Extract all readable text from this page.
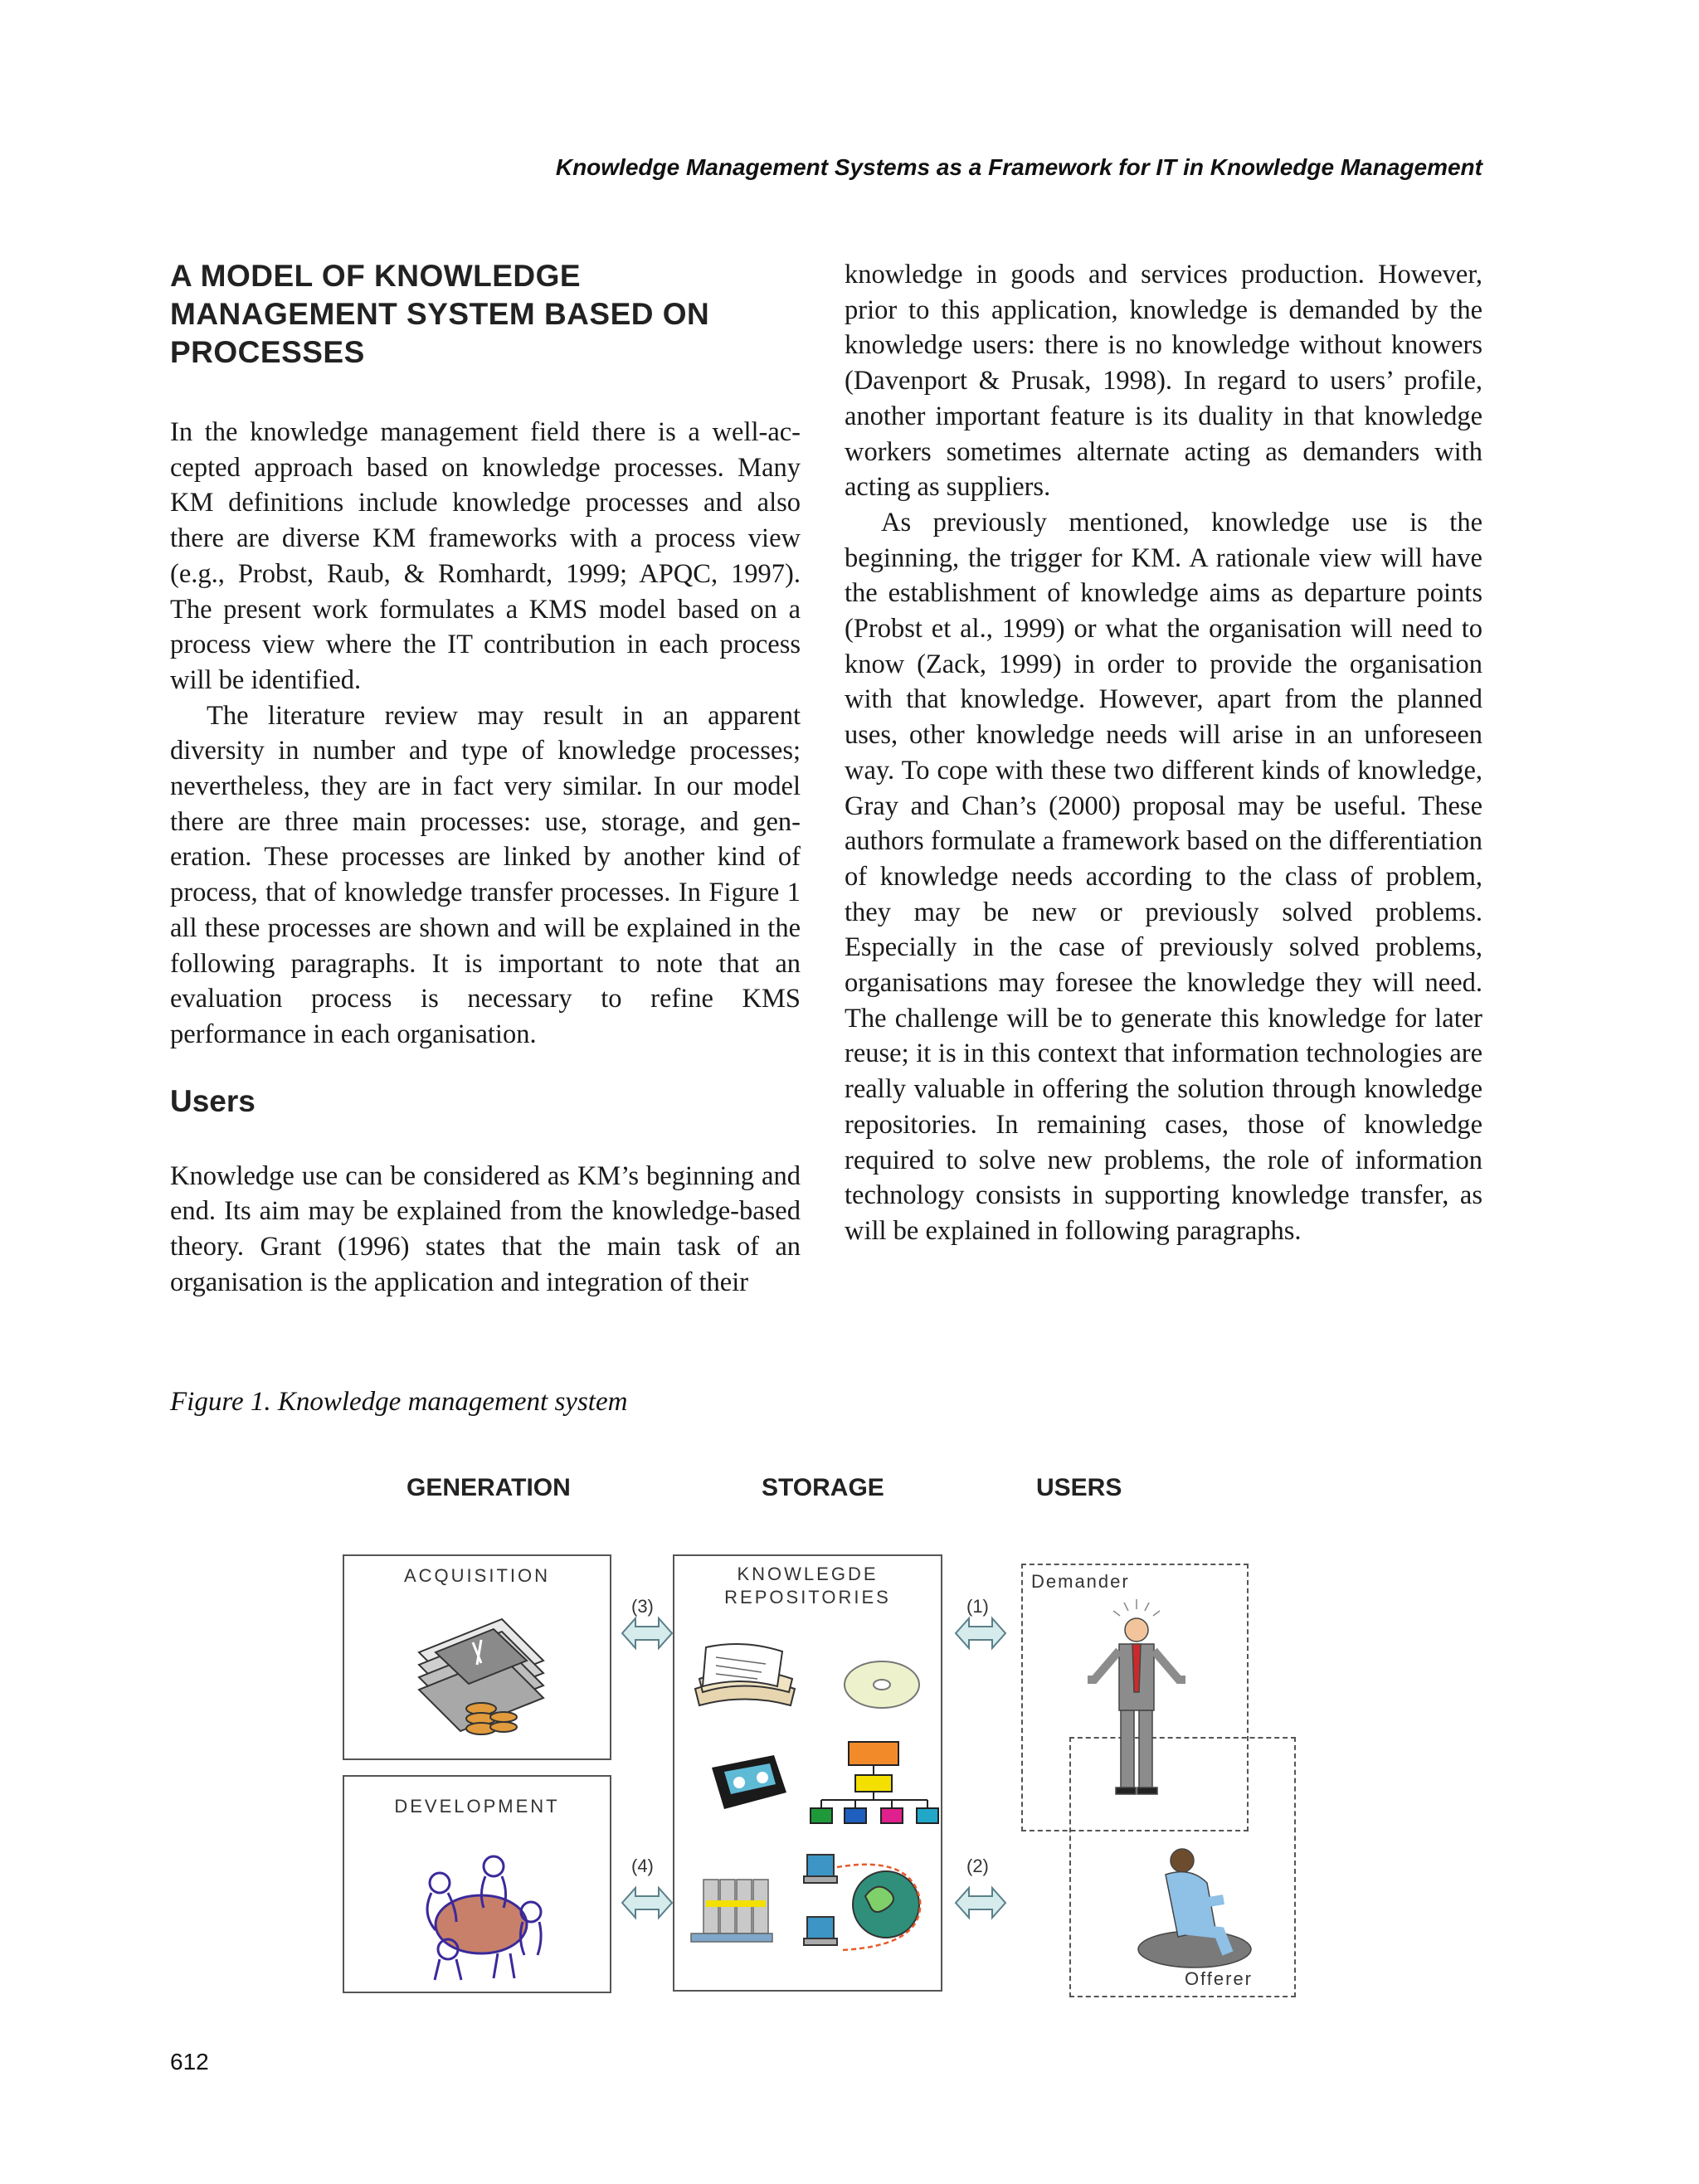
Knowledge Management Systems as a Framework for IT in Knowledge Management

A MODEL OF KNOWLEDGE MANAGEMENT SYSTEM BASED ON PROCESSES

In the knowledge management field there is a well-accepted approach based on knowledge processes. Many KM definitions include knowledge processes and also there are diverse KM frameworks with a process view (e.g., Probst, Raub, & Romhardt, 1999; APQC, 1997). The present work formulates a KMS model based on a process view where the IT contribution in each process will be identified.

The literature review may result in an apparent diversity in number and type of knowledge processes; nevertheless, they are in fact very similar. In our model there are three main processes: use, storage, and generation. These processes are linked by another kind of process, that of knowledge transfer processes. In Figure 1 all these processes are shown and will be explained in the following paragraphs. It is important to note that an evaluation process is necessary to refine KMS performance in each organisation.

Users

Knowledge use can be considered as KM’s beginning and end. Its aim may be explained from the knowledge-based theory. Grant (1996) states that the main task of an organisation is the application and integration of their

knowledge in goods and services production. However, prior to this application, knowledge is demanded by the knowledge users: there is no knowledge without knowers (Davenport & Prusak, 1998). In regard to users’ profile, another important feature is its duality in that knowledge workers sometimes alternate acting as demanders with acting as suppliers.

As previously mentioned, knowledge use is the beginning, the trigger for KM. A rationale view will have the establishment of knowledge aims as departure points (Probst et al., 1999) or what the organisation will need to know (Zack, 1999) in order to provide the organisation with that knowledge. However, apart from the planned uses, other knowledge needs will arise in an unforeseen way. To cope with these two different kinds of knowledge, Gray and Chan’s (2000) proposal may be useful. These authors formulate a framework based on the differentiation of knowledge needs according to the class of problem, they may be new or previously solved problems. Especially in the case of previously solved problems, organisations may foresee the knowledge they will need. The challenge will be to generate this knowledge for later reuse; it is in this context that information technologies are really valuable in offering the solution through knowledge repositories. In remaining cases, those of knowledge required to solve new problems, the role of information technology consists in supporting knowledge transfer, as will be explained in following paragraphs.

Figure 1. Knowledge management system

GENERATION	STORAGE	USERS
ACQUISITION
DEVELOPMENT
KNOWLEGDE
REPOSITORIES
Demander
Offerer
(3)
(4)
(1)
(2)

612
